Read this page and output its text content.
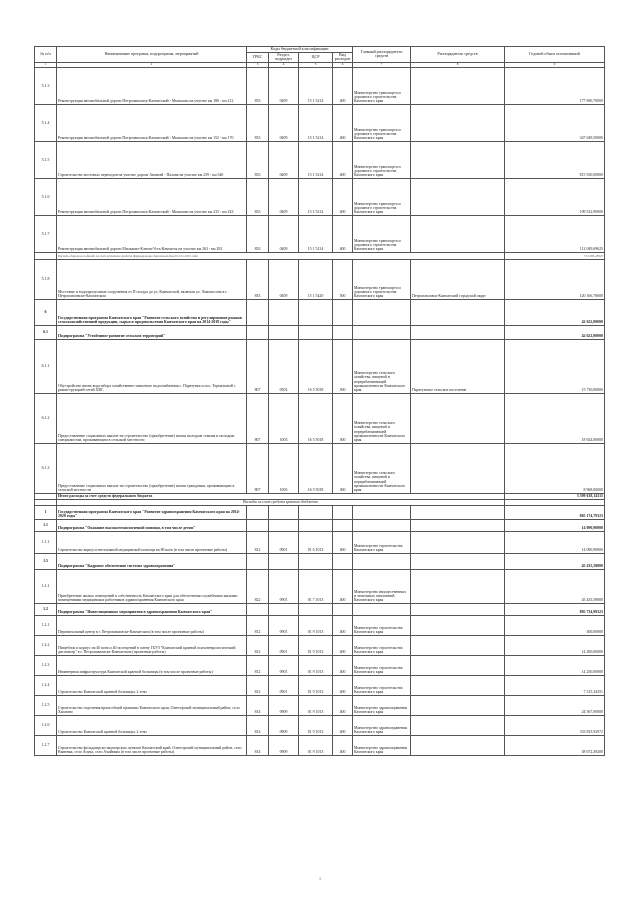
№ п/п	Наименование программ, подпрограмм, мероприятий	Коды бюджетной классификации				Главный распорядитель средств	Распорядитель средств	Годовой объем ассигнований
		ГРБС	Раздел, подраздел	ЦСР	Вид расходов			
1	2	3	4	5	6	7	8	9
5.1.3	Реконструкция автомобильной дороги Петропавловск-Камчатский - Мильково на участке км 186 - км 212	833	0409	15 1 5214	400	Министерство транспорта и дорожного строительства Камчатского края		177 690,70000
5.1.4	Реконструкция автомобильной дороги Петропавловск-Камчатский - Мильково на участке км 152 - км 170	833	0409	15 1 5214	400	Министерство транспорта и дорожного строительства Камчатского края		347 649,50000
5.1.5	Строительство мостовых переходов на участке дороги Анавгай - Палана на участке км 259 - км 340	833	0409	15 1 5214	400	Министерство транспорта и дорожного строительства Камчатского края		815 550,00000
5.1.6	Реконструкция автомобильной дороги Петропавловск-Камчатский - Мильково на участке км 233 - км 243	833	0409	15 1 5214	400	Министерство транспорта и дорожного строительства Камчатского края		109 532,90000
5.1.7	Реконструкция автомобильной дороги Мильково-Ключи-Усть-Камчатск на участке км 263 - км 292	833	0409	15 1 5214	400	Министерство транспорта и дорожного строительства Камчатского края		112 049,69625
	Расходы дорожного фонда за счет остатков средств формирующих дорожный фонд 01.01.2015 года							713 283,43625
5.1.8	Мостовые и водопропускные сооружения от П полуда до ул. Камчатской, включая ул. Ломоносова в г. Петропавловске-Камчатском	833	0409	15 1 5420	500	Министерство транспорта и дорожного строительства Камчатского края	Петропавловск-Камчатский городской округ	120 166,70600
6	Государственная программа Камчатского края "Развитие сельского хозяйства и регулирование рынков сельскохозяйственной продукции, сырья и продовольствия Камчатского края на 2014-2018 годы"							42 622,00000
6.1	Подпрограмма "Устойчивое развитие сельских территорий"							42 622,00000
6.1.1	Обустройство вновь водозабора хозяйственно-питьевого водоснабжения с. Паратунка и пос. Термальный с реконструкцией сетей ХВС	807	0502	16 5 5018	500	Министерство сельского хозяйства, пищевой и перерабатывающей промышленности Камчатского края	Паратунское сельское поселение	15 730,00000
6.1.2	Предоставление социальных выплат на строительство (приобретение) жилья молодым семьям и молодым специалистам, проживающим в сельской местности	807	1003	16 5 5018	300	Министерство сельского хозяйства, пищевой и перерабатывающей промышленности Камчатского края		18 924,00000
6.1.3	Предоставление социальных выплат на строительство (приобретение) жилья гражданам, проживающим в сельской местности	807	1003	16 5 5018	300	Министерство сельского хозяйства, пищевой и перерабатывающей промышленности Камчатского края		8 968,00000
	Итого расходы за счет средств федерального бюджета							3 599 618,14315
	Расходы за счет средств краевого бюджета							
1	Государственная программа Камчатского края "Развитие здравоохранения Камчатского края на 2014-2020 годы"							865 174,79323
1.1	Подпрограмма "Оказание высокотехнологичной помощи, в том числе детям"							14 090,90000
1.1.1	Строительство корпуса неотложной медицинской помощи на 80 коек (в том числе проектные работы)	812	0901	01 6 1013	400	Министерство строительства Камчатского края		14 090,90000
1.5	Подпрограмма "Кадровое обеспечение системы здравоохранения"							45 435,58000
1.2.1	Приобретение жилых помещений в собственность Камчатского края для обеспечения служебными жилыми помещениями медицинских работников здравоохранения Камчатского края	822	0901	01 7 1013	400	Министерство имущественных и земельных отношений Камчатского края		45 435,58000
1.2	Подпрограмма "Инвестиционные мероприятия в здравоохранении Камчатского края"							805 734,98323
1.2.1	Перинатальный центр в г. Петропавловске-Камчатском (в том числе проектные работы)	812	0901	01 9 1013	400	Министерство строительства Камчатского края		300,00000
1.2.2	Пищеблок и корпус на 40 коек и 40 посещений в смену ГБУЗ "Камчатский краевой психоневрологический диспансер" в г. Петропавловске-Камчатском (проектные работы)	812	0901	01 9 1013	400	Министерство строительства Камчатского края		14 200,00000
1.2.3	Инженерная инфраструктура Камчатской краевой больницы (в том числе проектные работы)	812	0901	01 9 1013	400	Министерство строительства Камчатского края		14 250,00000
1.2.4	Строительство Камчатской краевой больницы, 2 этап	812	0901	01 9 1013	400	Министерство строительства Камчатского края		7 315,34351
1.2.5	Строительство отделения врача общей практики Камчатского края, Олюторский муниципальный район, село Хаилино	814	0909	01 9 1013	400	Министерство здравоохранения Камчатского края		24 567,00000
1.2.6	Строительство Камчатской краевой больницы, 2 этап	814	0909	01 9 1013	400	Министерство здравоохранения Камчатского края		333 835,92972
1.2.7	Строительство фельдшерско-акушерских пунктов Камчатский край, Олюторский муниципальный район, село Вывенка, село Апука, село Ачайваям (в том числе проектные работы)	814	0909	01 9 1013	400	Министерство здравоохранения Камчатского края		38 672,49200
1
